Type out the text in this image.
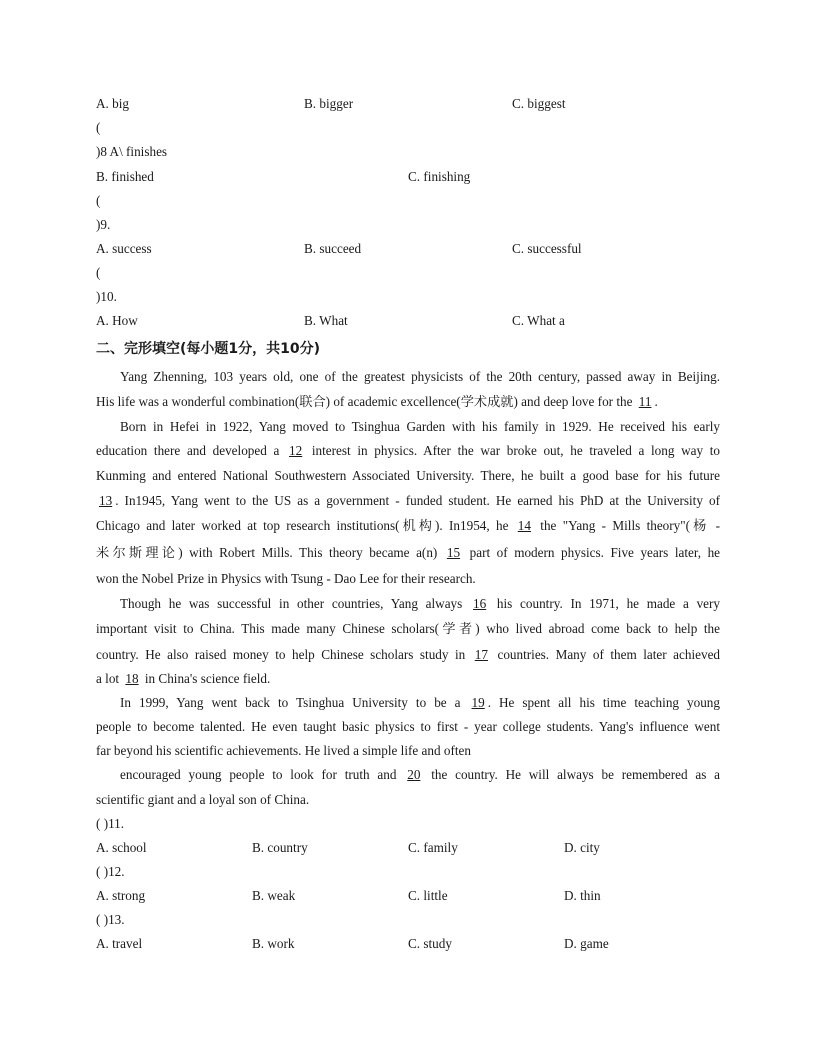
A. big	B. bigger	C. biggest
(
)8 A\ finishes
B. finished	C. finishing
(
)9.
A. success	B. succeed	C. successful
(
)10.
A. How	B. What	C. What a
二、完形填空(每小题1分，共10分)
Yang Zhenning, 103 years old, one of the greatest physicists of the 20th century, passed away in Beijing.
His life was a wonderful combination(联合) of academic excellence(学术成就) and deep love for the 11.
Born in Hefei in 1922, Yang moved to Tsinghua Garden with his family in 1929. He received his early
education there and developed a 12 interest in physics. After the war broke out, he traveled a long way to
Kunming and entered National Southwestern Associated University. There, he built a good base for his future
13. In1945, Yang went to the US as a government - funded student. He earned his PhD at the University of
Chicago and later worked at top research institutions(机构). In1954, he 14 the "Yang - Mills theory"(杨 -
米尔斯理论) with Robert Mills. This theory became a(n) 15 part of modern physics. Five years later, he
won the Nobel Prize in Physics with Tsung - Dao Lee for their research.
Though he was successful in other countries, Yang always 16 his country. In 1971, he made a very
important visit to China. This made many Chinese scholars(学者) who lived abroad come back to help the
country. He also raised money to help Chinese scholars study in 17 countries. Many of them later achieved
a lot 18 in China's science field.
In 1999, Yang went back to Tsinghua University to be a 19. He spent all his time teaching young
people to become talented. He even taught basic physics to first - year college students. Yang's influence went
far beyond his scientific achievements. He lived a simple life and often
encouraged young people to look for truth and 20 the country. He will always be remembered as a
scientific giant and a loyal son of China.
( )11.
A. school	B. country	C. family	D. city
( )12.
A. strong	B. weak	C. little	D. thin
( )13.
A. travel	B. work	C. study	D. game
